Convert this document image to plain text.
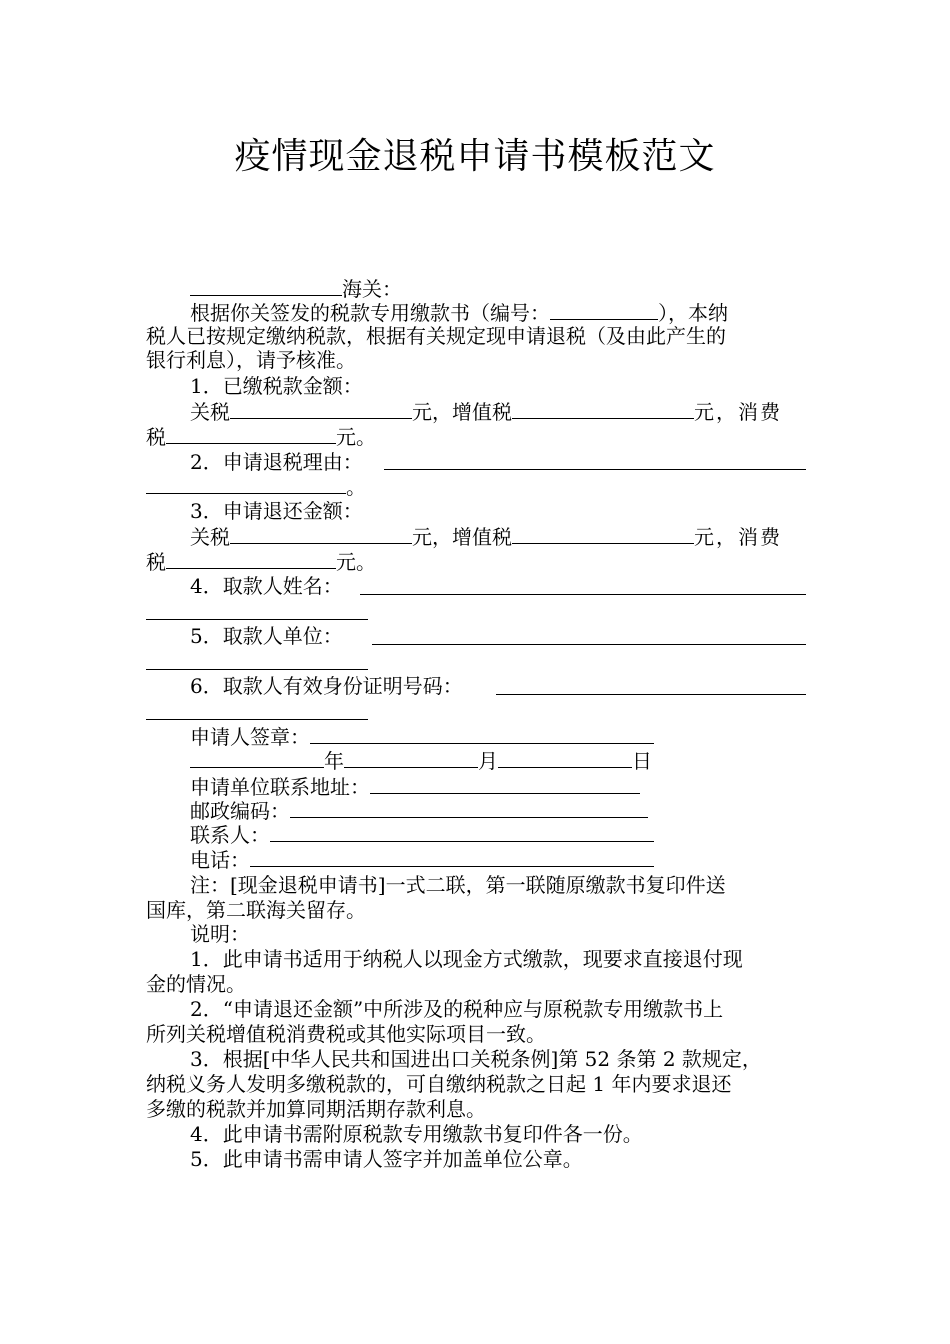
疫情现金退税申请书模板范文
海关：
根据你关签发的税款专用缴款书（编号：	），本纳
税人已按规定缴纳税款，根据有关规定现申请退税（及由此产生的
银行利息），请予核准。
1．已缴税款金额：
关税	元，增值税	元，消费
税	元。
2．申请退税理由：
。
3．申请退还金额：
关税	元，增值税	元，消费
税	元。
4．取款人姓名：
5．取款人单位：
6．取款人有效身份证明号码：
申请人签章：
年	月	日
申请单位联系地址：
邮政编码：
联系人：
电话：
注：[现金退税申请书]一式二联，第一联随原缴款书复印件送
国库，第二联海关留存。
说明：
1．此申请书适用于纳税人以现金方式缴款，现要求直接退付现
金的情况。
2．“申请退还金额”中所涉及的税种应与原税款专用缴款书上
所列关税增值税消费税或其他实际项目一致。
3．根据[中华人民共和国进出口关税条例]第 52 条第 2 款规定，
纳税义务人发明多缴税款的，可自缴纳税款之日起 1 年内要求退还
多缴的税款并加算同期活期存款利息。
4．此申请书需附原税款专用缴款书复印件各一份。
5．此申请书需申请人签字并加盖单位公章。
